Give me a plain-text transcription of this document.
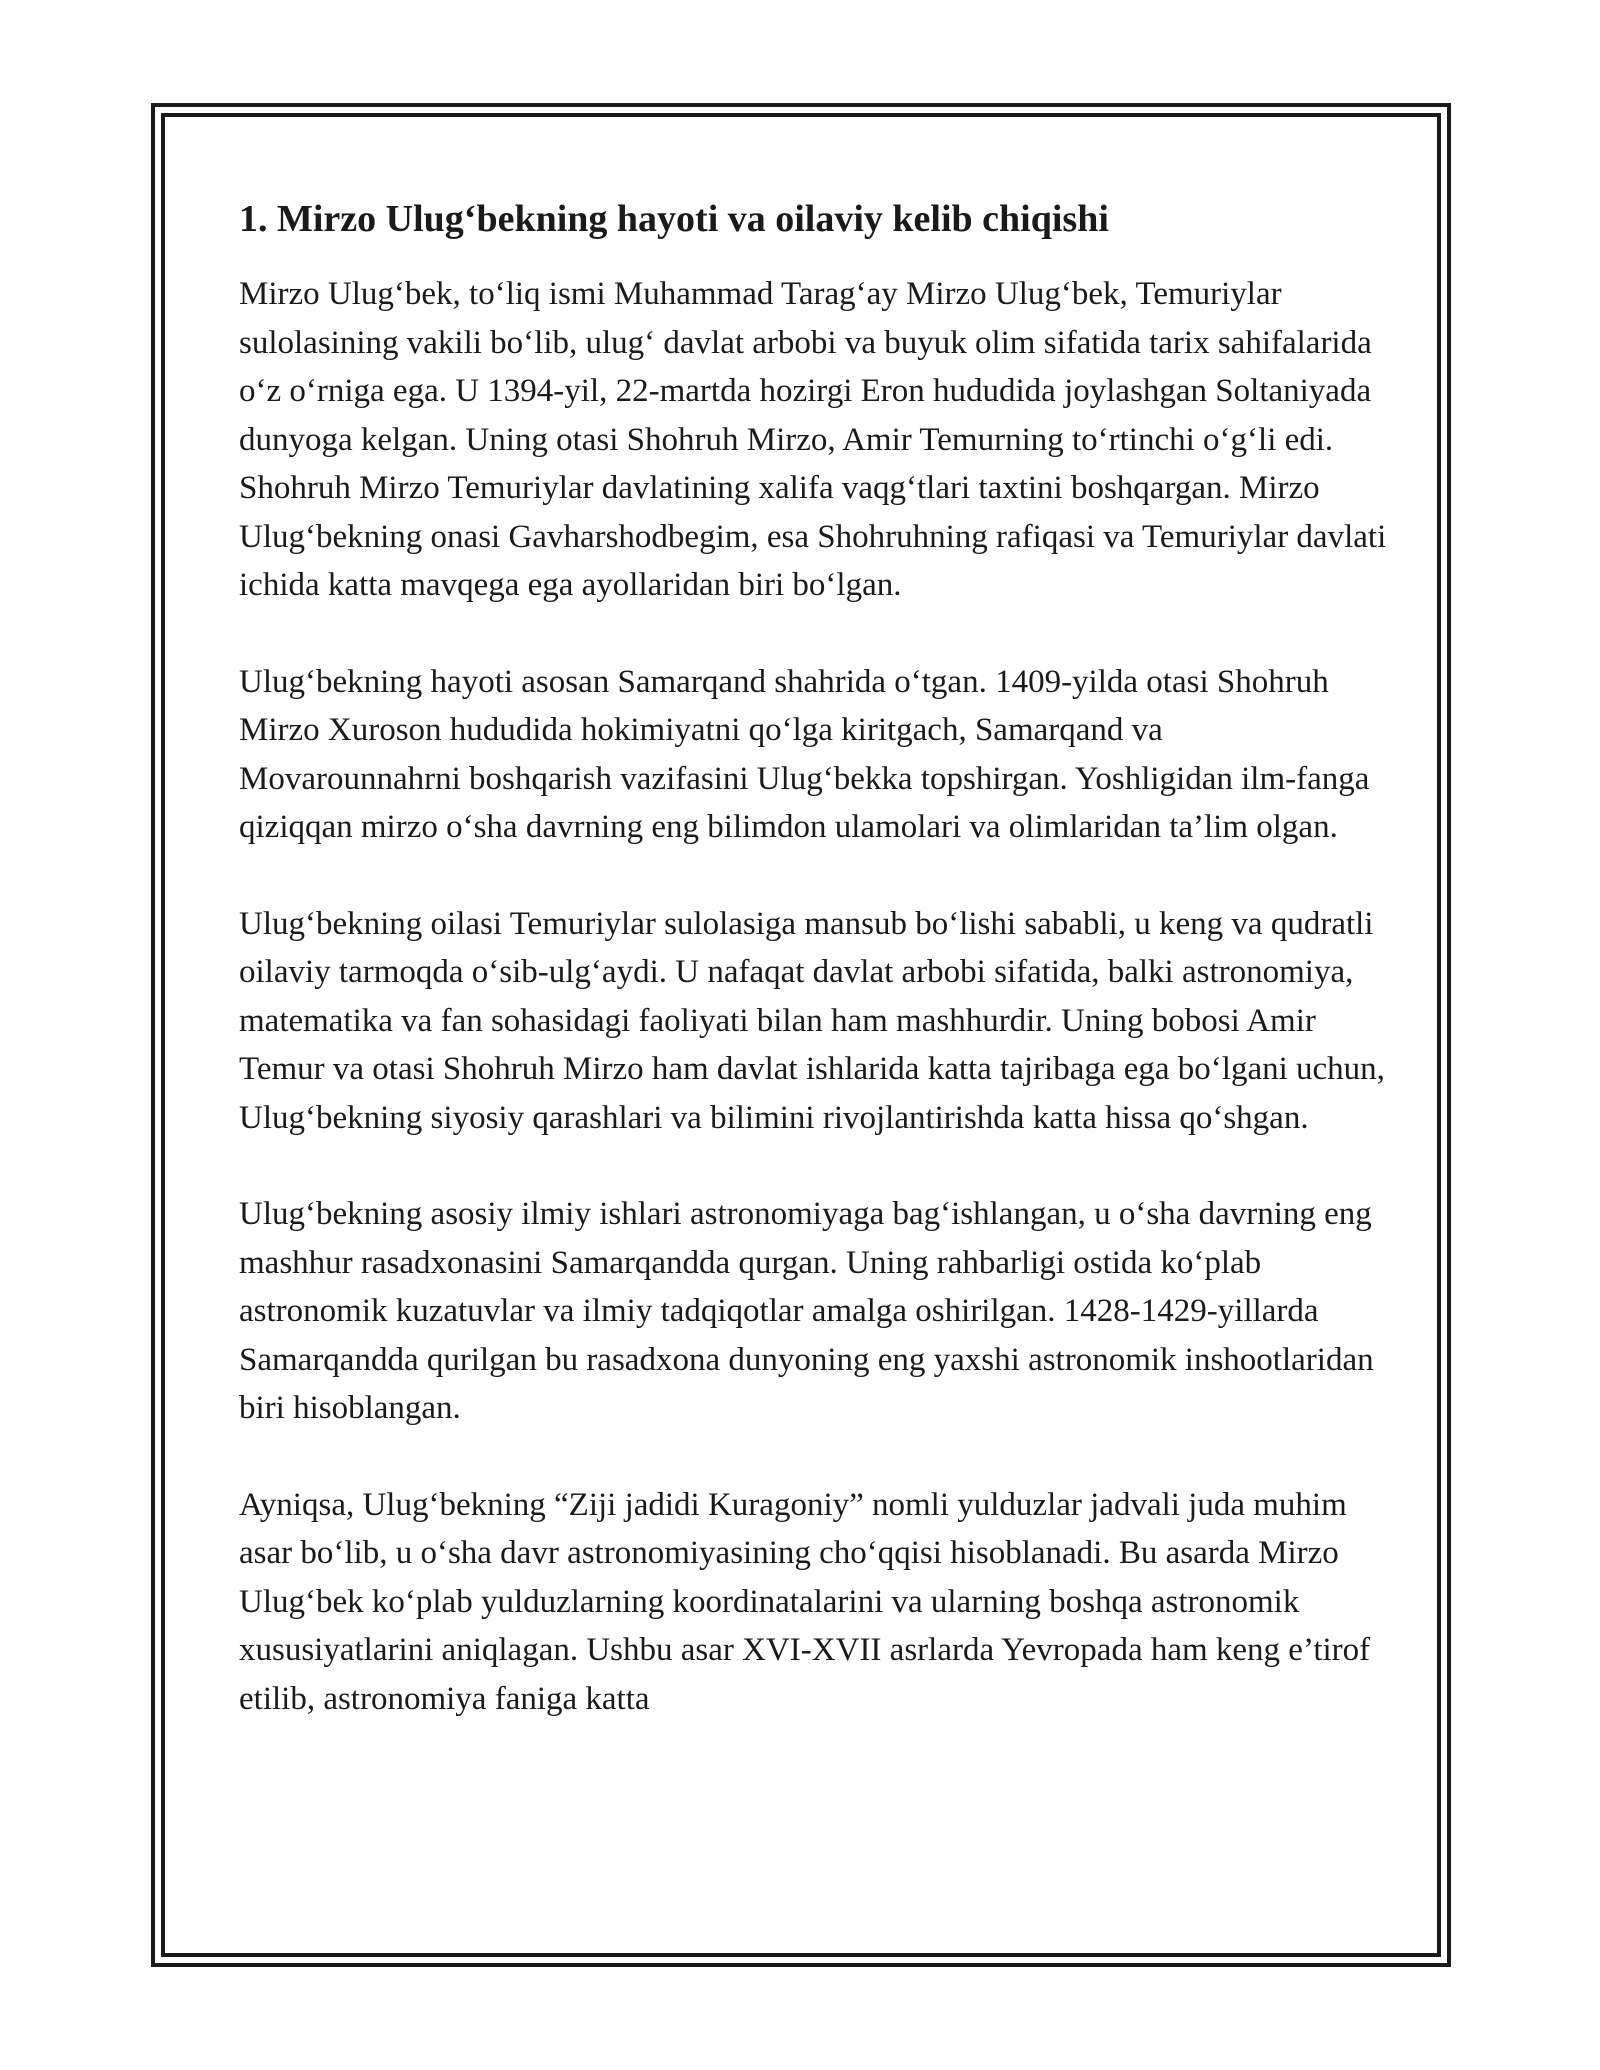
1. Mirzo Ulug‘bekning hayoti va oilaviy kelib chiqishi

Mirzo Ulug‘bek, to‘liq ismi Muhammad Tarag‘ay Mirzo Ulug‘bek, Temuriylar sulolasining vakili bo‘lib, ulug‘ davlat arbobi va buyuk olim sifatida tarix sahifalarida o‘z o‘rniga ega. U 1394-yil, 22-martda hozirgi Eron hududida joylashgan Soltaniyada dunyoga kelgan. Uning otasi Shohruh Mirzo, Amir Temurning to‘rtinchi o‘g‘li edi. Shohruh Mirzo Temuriylar davlatining xalifa vaqg‘tlari taxtini boshqargan. Mirzo Ulug‘bekning onasi Gavharshodbegim, esa Shohruhning rafiqasi va Temuriylar davlati ichida katta mavqega ega ayollaridan biri bo‘lgan.

Ulug‘bekning hayoti asosan Samarqand shahrida o‘tgan. 1409-yilda otasi Shohruh Mirzo Xuroson hududida hokimiyatni qo‘lga kiritgach, Samarqand va Movarounnahrni boshqarish vazifasini Ulug‘bekka topshirgan. Yoshligidan ilm-fanga qiziqqan mirzo o‘sha davrning eng bilimdon ulamolari va olimlaridan ta’lim olgan.

Ulug‘bekning oilasi Temuriylar sulolasiga mansub bo‘lishi sababli, u keng va qudratli oilaviy tarmoqda o‘sib-ulg‘aydi. U nafaqat davlat arbobi sifatida, balki astronomiya, matematika va fan sohasidagi faoliyati bilan ham mashhurdir. Uning bobosi Amir Temur va otasi Shohruh Mirzo ham davlat ishlarida katta tajribaga ega bo‘lgani uchun, Ulug‘bekning siyosiy qarashlari va bilimini rivojlantirishda katta hissa qo‘shgan.

Ulug‘bekning asosiy ilmiy ishlari astronomiyaga bag‘ishlangan, u o‘sha davrning eng mashhur rasadxonasini Samarqandda qurgan. Uning rahbarligi ostida ko‘plab astronomik kuzatuvlar va ilmiy tadqiqotlar amalga oshirilgan. 1428-1429-yillarda Samarqandda qurilgan bu rasadxona dunyoning eng yaxshi astronomik inshootlaridan biri hisoblangan.

Ayniqsa, Ulug‘bekning “Ziji jadidi Kuragoniy” nomli yulduzlar jadvali juda muhim asar bo‘lib, u o‘sha davr astronomiyasining cho‘qqisi hisoblanadi. Bu asarda Mirzo Ulug‘bek ko‘plab yulduzlarning koordinatalarini va ularning boshqa astronomik xususiyatlarini aniqlagan. Ushbu asar XVI-XVII asrlarda Yevropada ham keng e’tirof etilib, astronomiya faniga katta
